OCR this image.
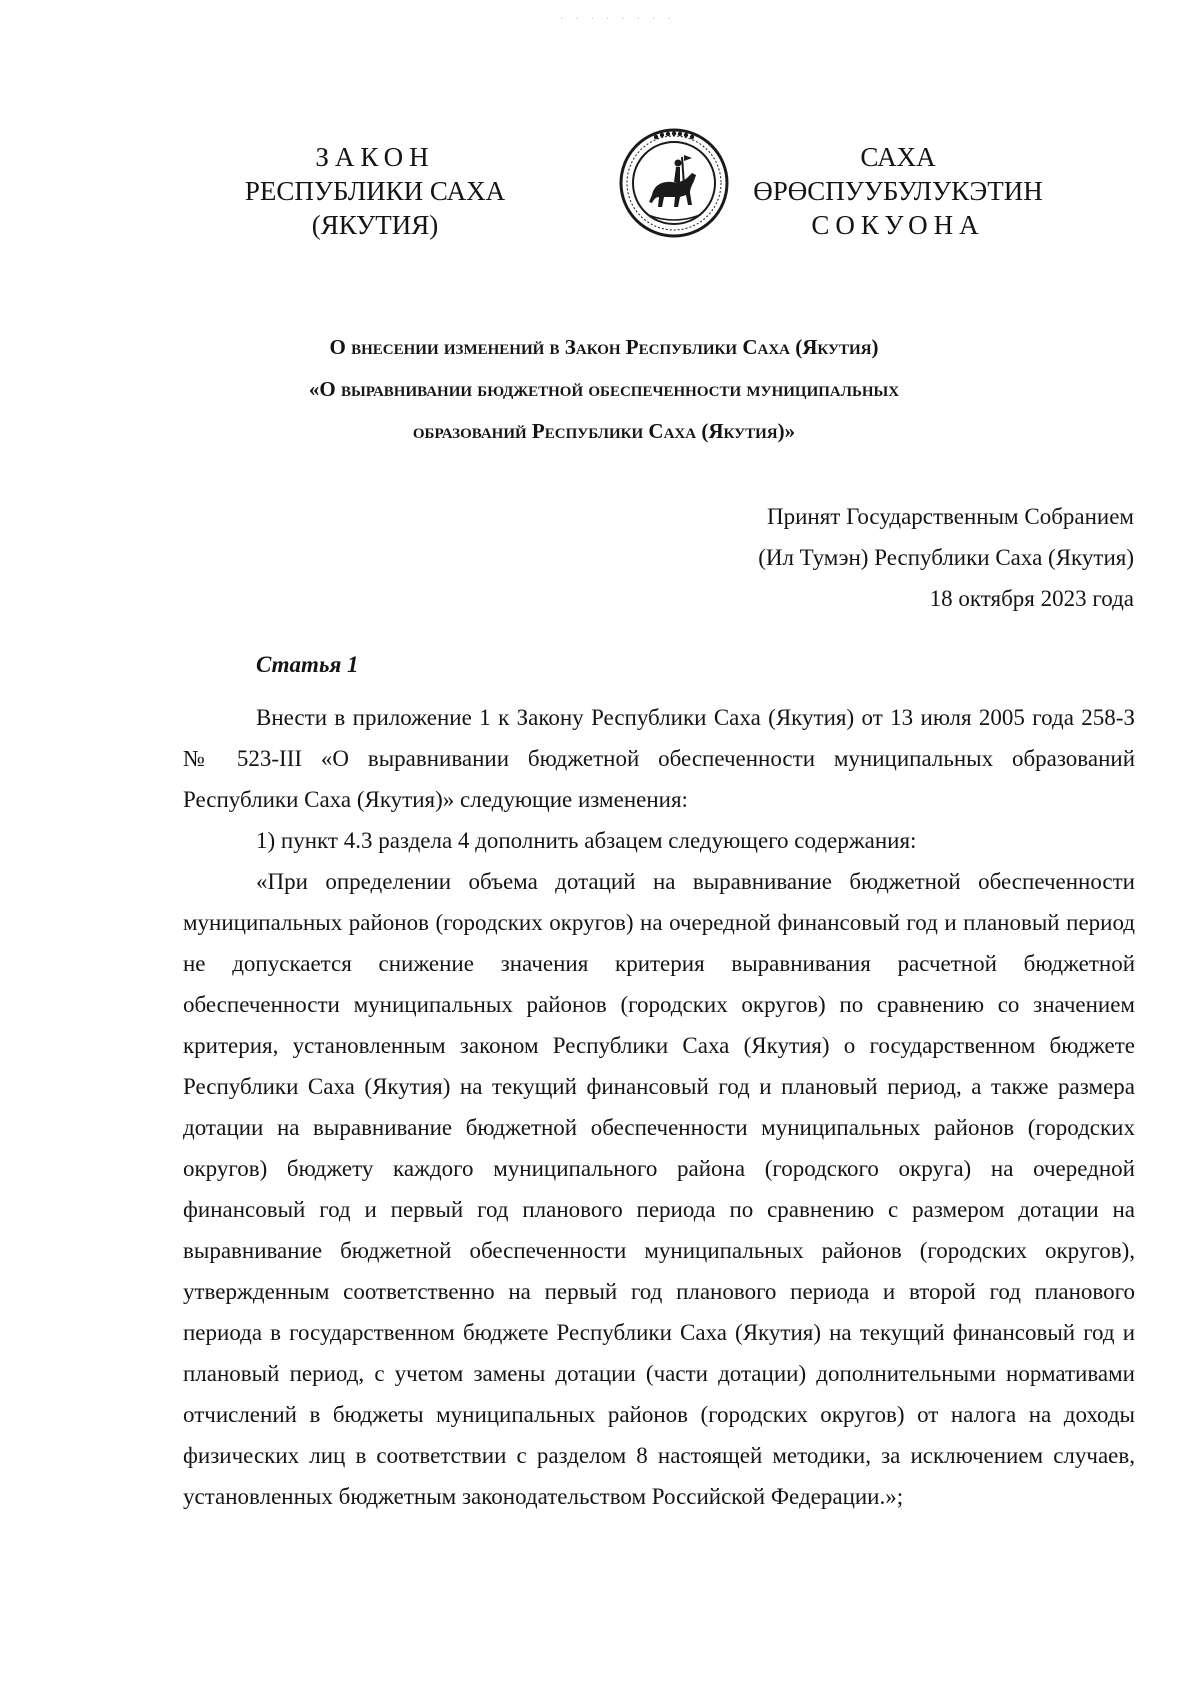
········
ЗАКОН
РЕСПУБЛИКИ САХА (ЯКУТИЯ)
САХА ӨРӨСПУУБУЛУКЭТИН
СОКУОНА
О внесении изменений в Закон Республики Саха (Якутия)
«О выравнивании бюджетной обеспеченности муниципальных
образований Республики Саха (Якутия)»
Принят Государственным Собранием
(Ил Тумэн) Республики Саха (Якутия)
18 октября 2023 года
Статья 1

Внести в приложение 1 к Закону Республики Саха (Якутия) от 13 июля 2005 года 258-З № 523-III «О выравнивании бюджетной обеспеченности муниципальных образований Республики Саха (Якутия)» следующие изменения:

1) пункт 4.3 раздела 4 дополнить абзацем следующего содержания:

«При определении объема дотаций на выравнивание бюджетной обеспеченности муниципальных районов (городских округов) на очередной финансовый год и плановый период не допускается снижение значения критерия выравнивания расчетной бюджетной обеспеченности муниципальных районов (городских округов) по сравнению со значением критерия, установленным законом Республики Саха (Якутия) о государственном бюджете Республики Саха (Якутия) на текущий финансовый год и плановый период, а также размера дотации на выравнивание бюджетной обеспеченности муниципальных районов (городских округов) бюджету каждого муниципального района (городского округа) на очередной финансовый год и первый год планового периода по сравнению с размером дотации на выравнивание бюджетной обеспеченности муниципальных районов (городских округов), утвержденным соответственно на первый год планового периода и второй год планового периода в государственном бюджете Республики Саха (Якутия) на текущий финансовый год и плановый период, с учетом замены дотации (части дотации) дополнительными нормативами отчислений в бюджеты муниципальных районов (городских округов) от налога на доходы физических лиц в соответствии с разделом 8 настоящей методики, за исключением случаев, установленных бюджетным законодательством Российской Федерации.»;
